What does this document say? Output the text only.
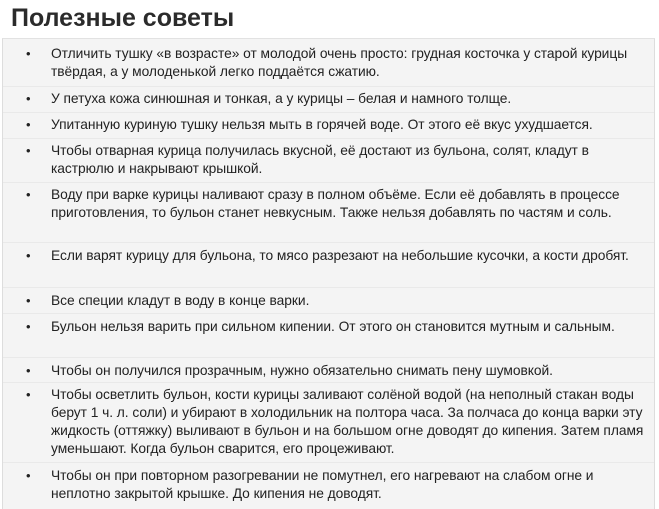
Полезные советы
• Отличить тушку «в возрасте» от молодой очень просто: грудная косточка у старой курицы твёрдая, а у молоденькой легко поддаётся сжатию.
• У петуха кожа синюшная и тонкая, а у курицы – белая и намного толще.
• Упитанную куриную тушку нельзя мыть в горячей воде. От этого её вкус ухудшается.
• Чтобы отварная курица получилась вкусной, её достают из бульона, солят, кладут в кастрюлю и накрывают крышкой.
• Воду при варке курицы наливают сразу в полном объёме. Если её добавлять в процессе приготовления, то бульон станет невкусным. Также нельзя добавлять по частям и соль.
• Если варят курицу для бульона, то мясо разрезают на небольшие кусочки, а кости дробят.
• Все специи кладут в воду в конце варки.
• Бульон нельзя варить при сильном кипении. От этого он становится мутным и сальным.
• Чтобы он получился прозрачным, нужно обязательно снимать пену шумовкой.
• Чтобы осветлить бульон, кости курицы заливают солёной водой (на неполный стакан воды берут 1 ч. л. соли) и убирают в холодильник на полтора часа. За полчаса до конца варки эту жидкость (оттяжку) выливают в бульон и на большом огне доводят до кипения. Затем пламя уменьшают. Когда бульон сварится, его процеживают.
• Чтобы он при повторном разогревании не помутнел, его нагревают на слабом огне и неплотно закрытой крышке. До кипения не доводят.
